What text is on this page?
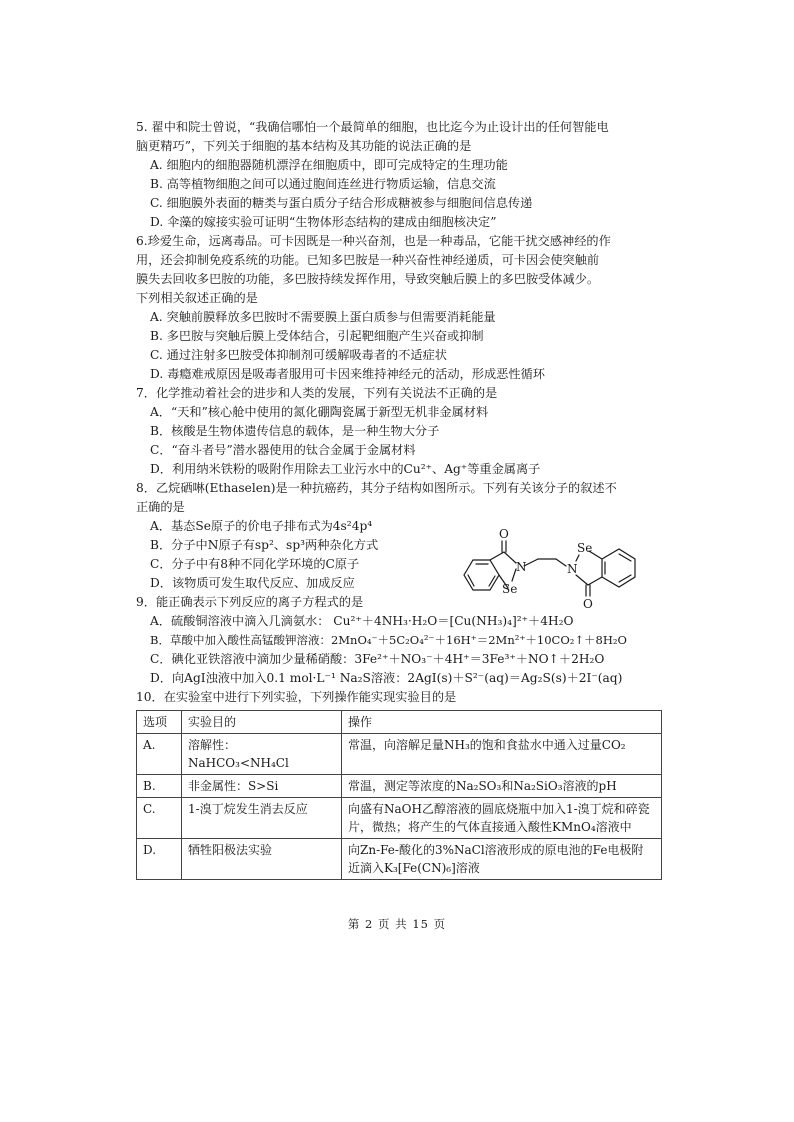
5. 翟中和院士曾说，“我确信哪怕一个最简单的细胞，也比迄今为止设计出的任何智能电
脑更精巧”，下列关于细胞的基本结构及其功能的说法正确的是
A. 细胞内的细胞器随机漂浮在细胞质中，即可完成特定的生理功能
B. 高等植物细胞之间可以通过胞间连丝进行物质运输，信息交流
C. 细胞膜外表面的糖类与蛋白质分子结合形成糖被参与细胞间信息传递
D. 伞藻的嫁接实验可证明“生物体形态结构的建成由细胞核决定”
6.珍爱生命，远离毒品。可卡因既是一种兴奋剂，也是一种毒品，它能干扰交感神经的作
用，还会抑制免疫系统的功能。已知多巴胺是一种兴奋性神经递质，可卡因会使突触前
膜失去回收多巴胺的功能，多巴胺持续发挥作用，导致突触后膜上的多巴胺受体减少。
下列相关叙述正确的是
A. 突触前膜释放多巴胺时不需要膜上蛋白质参与但需要消耗能量
B. 多巴胺与突触后膜上受体结合，引起靶细胞产生兴奋或抑制
C. 通过注射多巴胺受体抑制剂可缓解吸毒者的不适症状
D. 毒瘾难戒原因是吸毒者服用可卡因来维持神经元的活动，形成恶性循环
7．化学推动着社会的进步和人类的发展，下列有关说法不正确的是
A．“天和”核心舱中使用的氮化硼陶瓷属于新型无机非金属材料
B．核酸是生物体遗传信息的载体，是一种生物大分子
C．“奋斗者号”潜水器使用的钛合金属于金属材料
D．利用纳米铁粉的吸附作用除去工业污水中的Cu²⁺、Ag⁺等重金属离子
8．乙烷硒啉(Ethaselen)是一种抗癌药，其分子结构如图所示。下列有关该分子的叙述不
正确的是
A．基态Se原子的价电子排布式为4s²4p⁴
B．分子中N原子有sp²、sp³两种杂化方式
C．分子中有8种不同化学环境的C原子
D．该物质可发生取代反应、加成反应
O
N
Se
N
Se
O
9．能正确表示下列反应的离子方程式的是
A．硫酸铜溶液中滴入几滴氨水： Cu²⁺＋4NH₃·H₂O＝[Cu(NH₃)₄]²⁺＋4H₂O
B．草酸中加入酸性高锰酸钾溶液：2MnO₄⁻＋5C₂O₄²⁻＋16H⁺＝2Mn²⁺＋10CO₂↑＋8H₂O
C．碘化亚铁溶液中滴加少量稀硝酸：3Fe²⁺＋NO₃⁻＋4H⁺＝3Fe³⁺＋NO↑＋2H₂O
D．向AgI浊液中加入0.1 mol·L⁻¹ Na₂S溶液：2AgI(s)＋S²⁻(aq)＝Ag₂S(s)＋2I⁻(aq)
10．在实验室中进行下列实验，下列操作能实现实验目的是
选项	实验目的	操作
A.	溶解性：
NaHCO₃<NH₄Cl	常温，向溶解足量NH₃的饱和食盐水中通入过量CO₂
B.	非金属性：S>Si	常温，测定等浓度的Na₂SO₃和Na₂SiO₃溶液的pH
C.	1-溴丁烷发生消去反应	向盛有NaOH乙醇溶液的圆底烧瓶中加入1-溴丁烷和碎瓷片，微热；将产生的气体直接通入酸性KMnO₄溶液中
D.	牺牲阳极法实验	向Zn-Fe-酸化的3%NaCl溶液形成的原电池的Fe电极附近滴入K₃[Fe(CN)₆]溶液
第 2 页 共 15 页
